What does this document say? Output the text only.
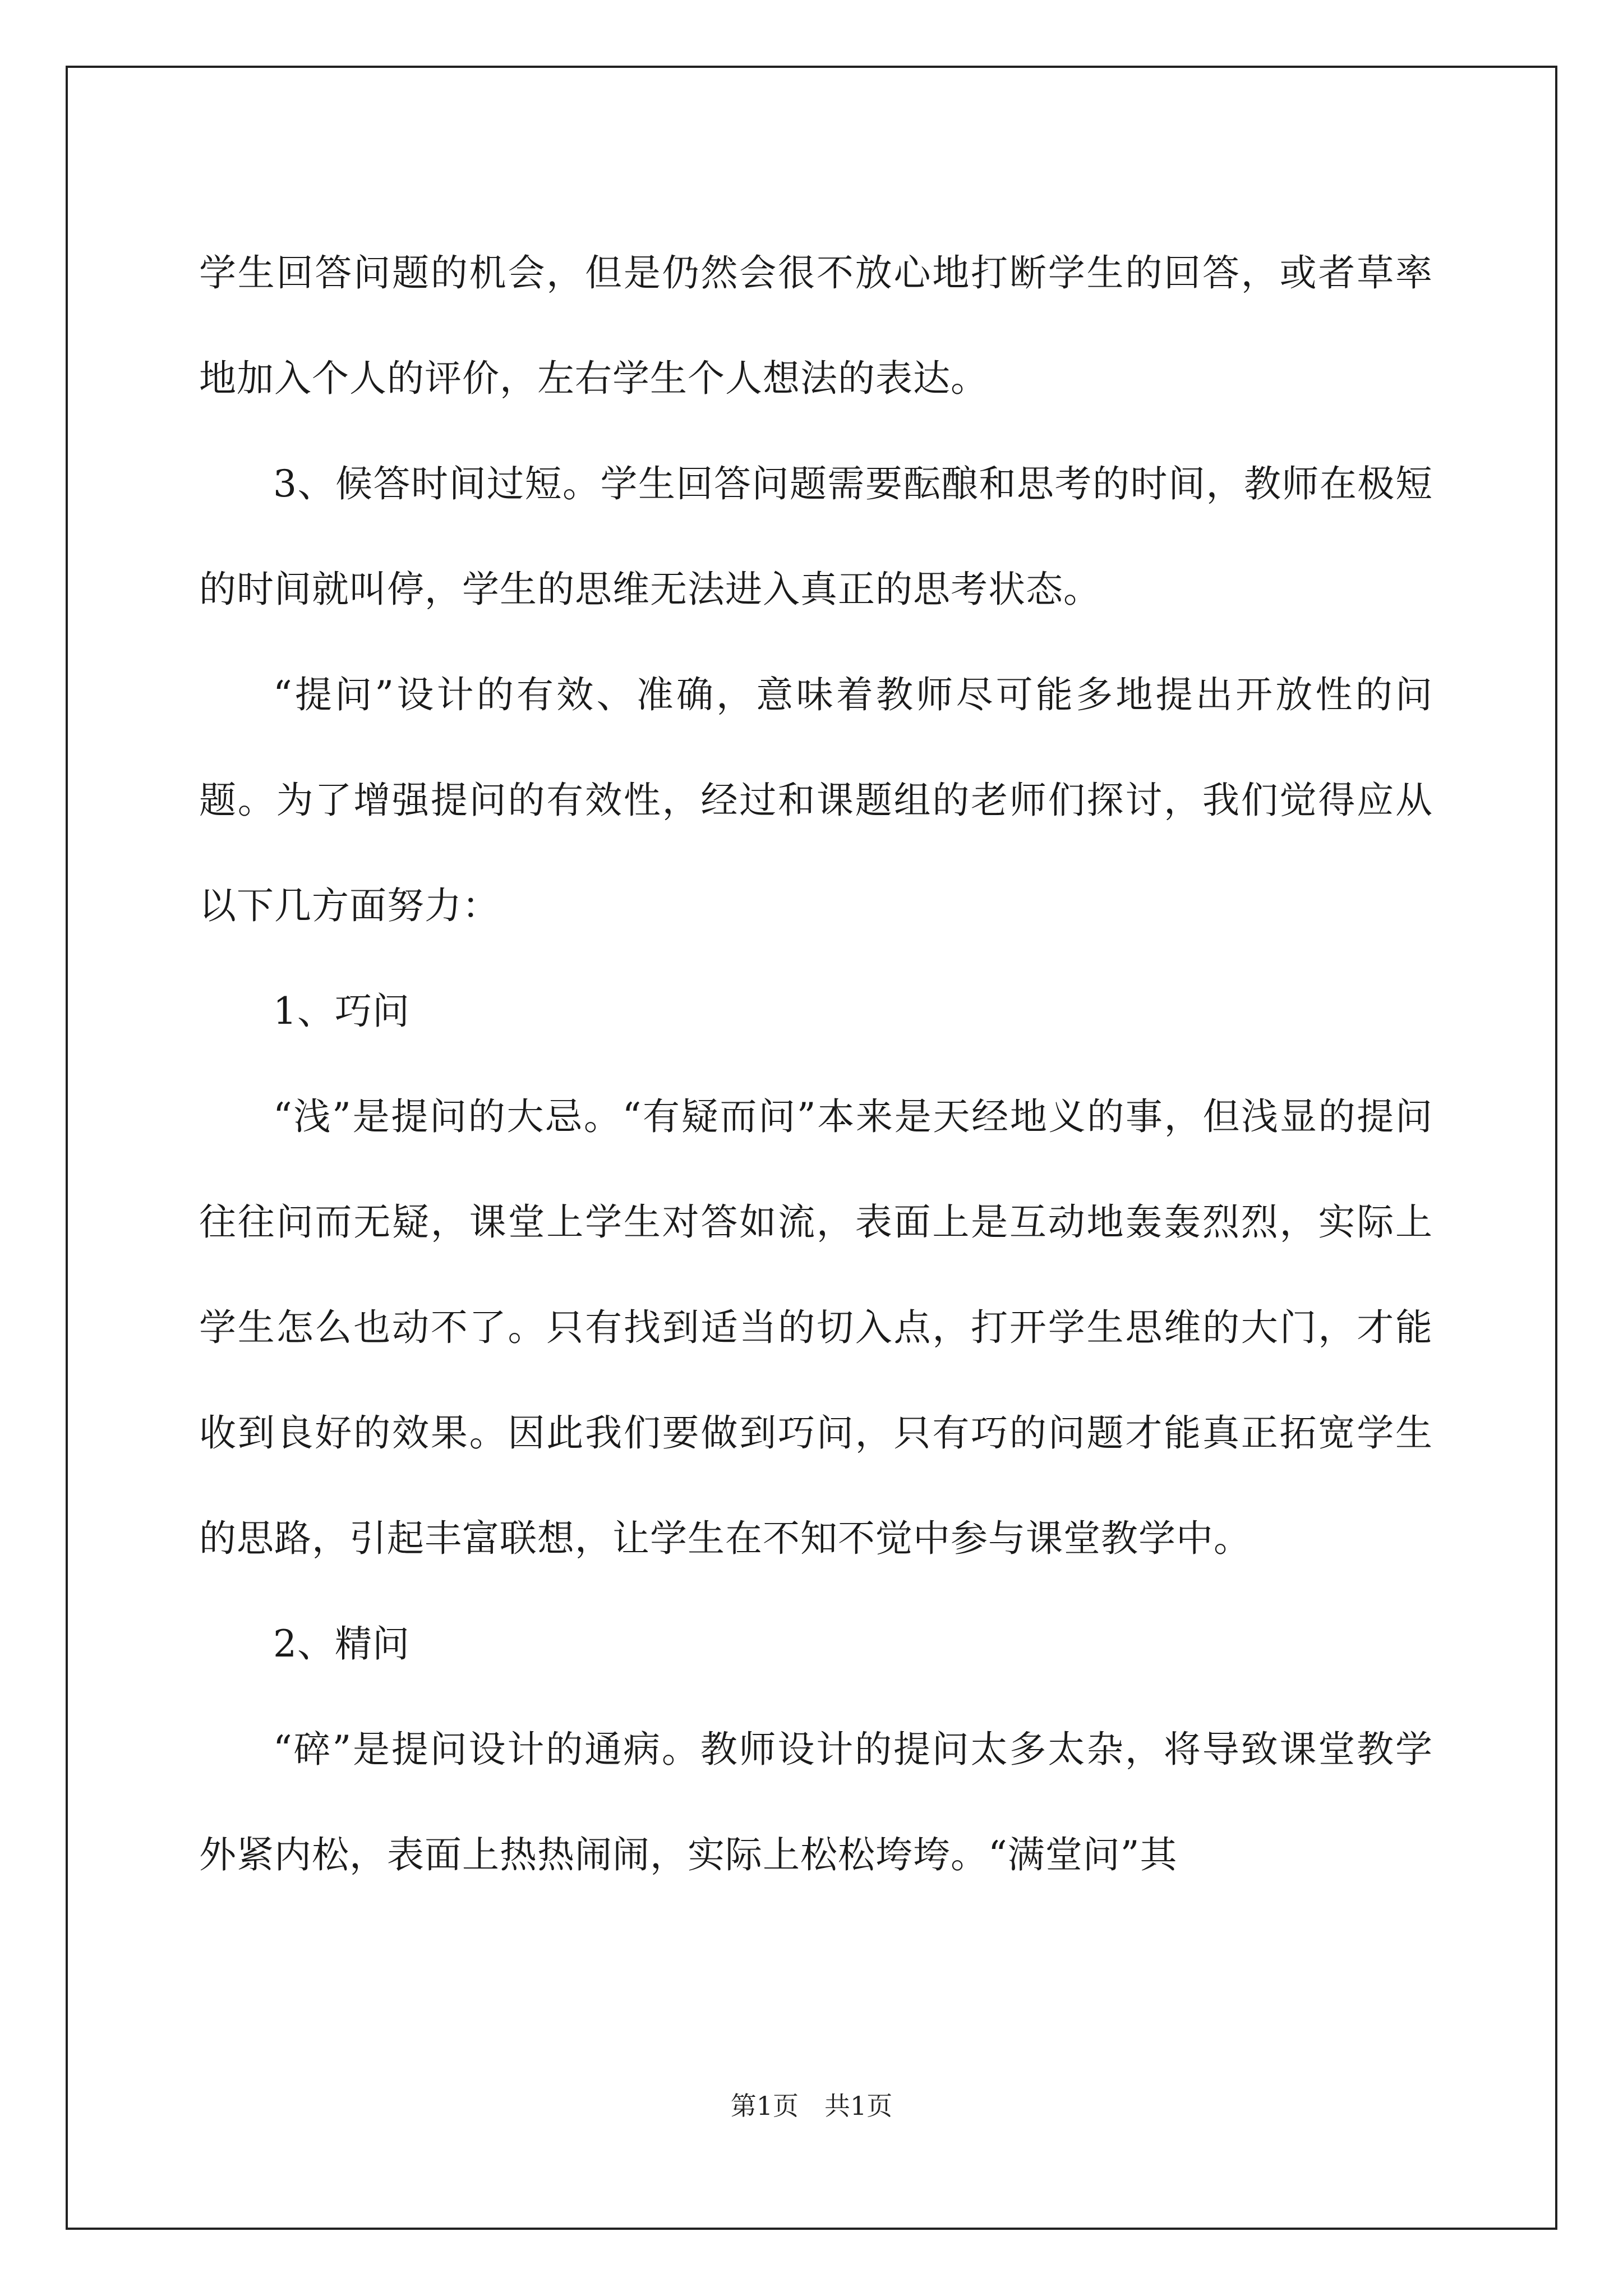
学生回答问题的机会，但是仍然会很不放心地打断学生的回答，或者草率地加入个人的评价，左右学生个人想法的表达。

3、候答时间过短。学生回答问题需要酝酿和思考的时间，教师在极短的时间就叫停，学生的思维无法进入真正的思考状态。

“提问”设计的有效、准确，意味着教师尽可能多地提出开放性的问题。为了增强提问的有效性，经过和课题组的老师们探讨，我们觉得应从以下几方面努力：

1、巧问

“浅”是提问的大忌。“有疑而问”本来是天经地义的事，但浅显的提问往往问而无疑，课堂上学生对答如流，表面上是互动地轰轰烈烈，实际上学生怎么也动不了。只有找到适当的切入点，打开学生思维的大门，才能收到良好的效果。因此我们要做到巧问，只有巧的问题才能真正拓宽学生的思路，引起丰富联想，让学生在不知不觉中参与课堂教学中。

2、精问

“碎”是提问设计的通病。教师设计的提问太多太杂，将导致课堂教学外紧内松，表面上热热闹闹，实际上松松垮垮。“满堂问”其

第1页　共1页
